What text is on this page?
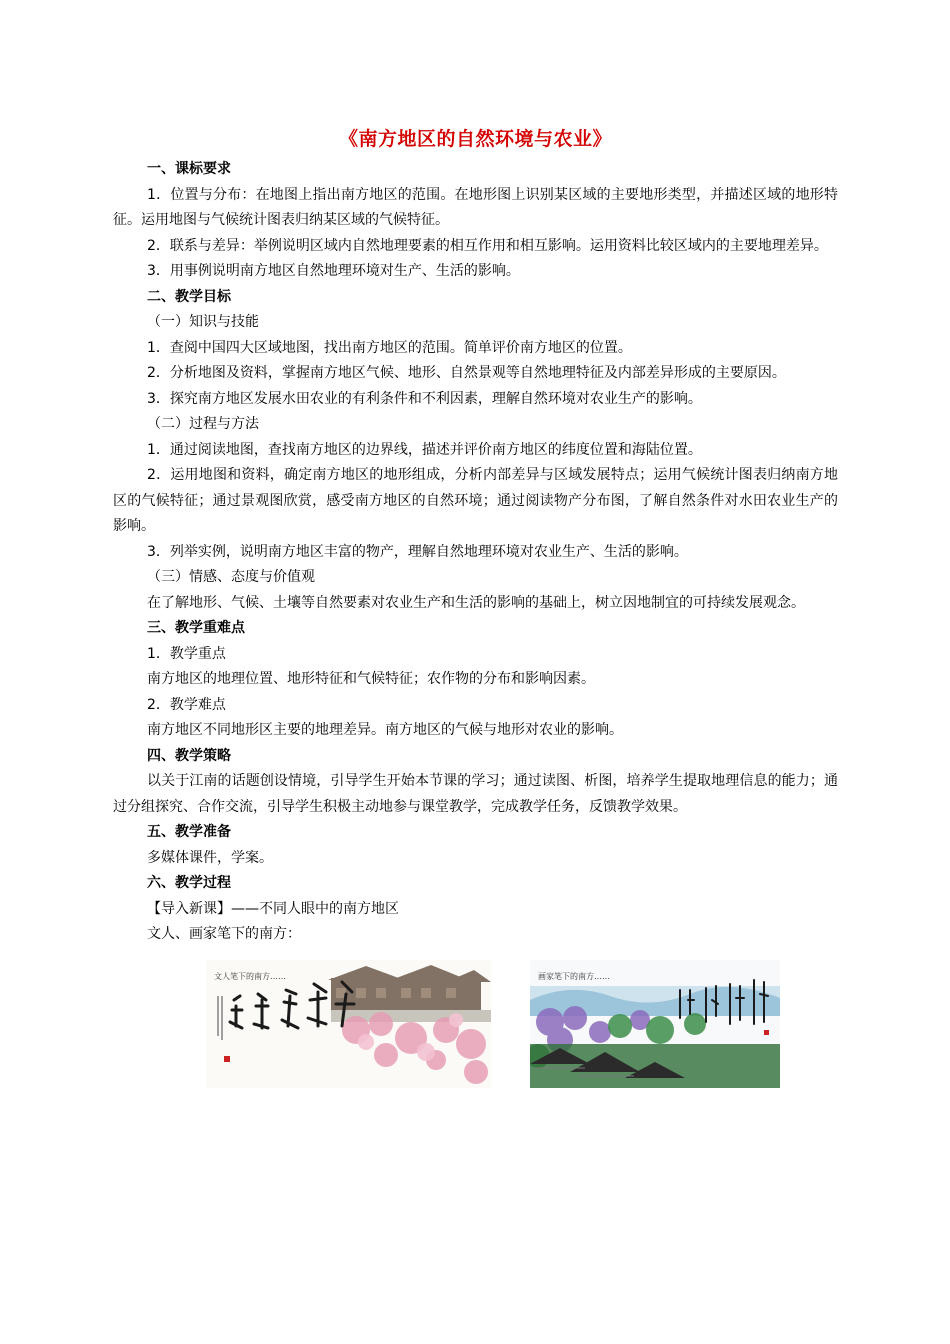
《南方地区的自然环境与农业》

一、课标要求

1．位置与分布：在地图上指出南方地区的范围。在地形图上识别某区域的主要地形类型，并描述区域的地形特征。运用地图与气候统计图表归纳某区域的气候特征。

2．联系与差异：举例说明区域内自然地理要素的相互作用和相互影响。运用资料比较区域内的主要地理差异。

3．用事例说明南方地区自然地理环境对生产、生活的影响。

二、教学目标

（一）知识与技能

1．查阅中国四大区域地图，找出南方地区的范围。简单评价南方地区的位置。

2．分析地图及资料，掌握南方地区气候、地形、自然景观等自然地理特征及内部差异形成的主要原因。

3．探究南方地区发展水田农业的有利条件和不利因素，理解自然环境对农业生产的影响。

（二）过程与方法

1．通过阅读地图，查找南方地区的边界线，描述并评价南方地区的纬度位置和海陆位置。

2．运用地图和资料，确定南方地区的地形组成，分析内部差异与区域发展特点；运用气候统计图表归纳南方地区的气候特征；通过景观图欣赏，感受南方地区的自然环境；通过阅读物产分布图，了解自然条件对水田农业生产的影响。

3．列举实例，说明南方地区丰富的物产，理解自然地理环境对农业生产、生活的影响。

（三）情感、态度与价值观

在了解地形、气候、土壤等自然要素对农业生产和生活的影响的基础上，树立因地制宜的可持续发展观念。

三、教学重难点

1．教学重点

南方地区的地理位置、地形特征和气候特征；农作物的分布和影响因素。

2．教学难点

南方地区不同地形区主要的地理差异。南方地区的气候与地形对农业的影响。

四、教学策略

以关于江南的话题创设情境，引导学生开始本节课的学习；通过读图、析图，培养学生提取地理信息的能力；通过分组探究、合作交流，引导学生积极主动地参与课堂教学，完成教学任务，反馈教学效果。

五、教学准备

多媒体课件，学案。

六、教学过程

【导入新课】——不同人眼中的南方地区

文人、画家笔下的南方：

文人笔下的南方……	画家笔下的南方……
